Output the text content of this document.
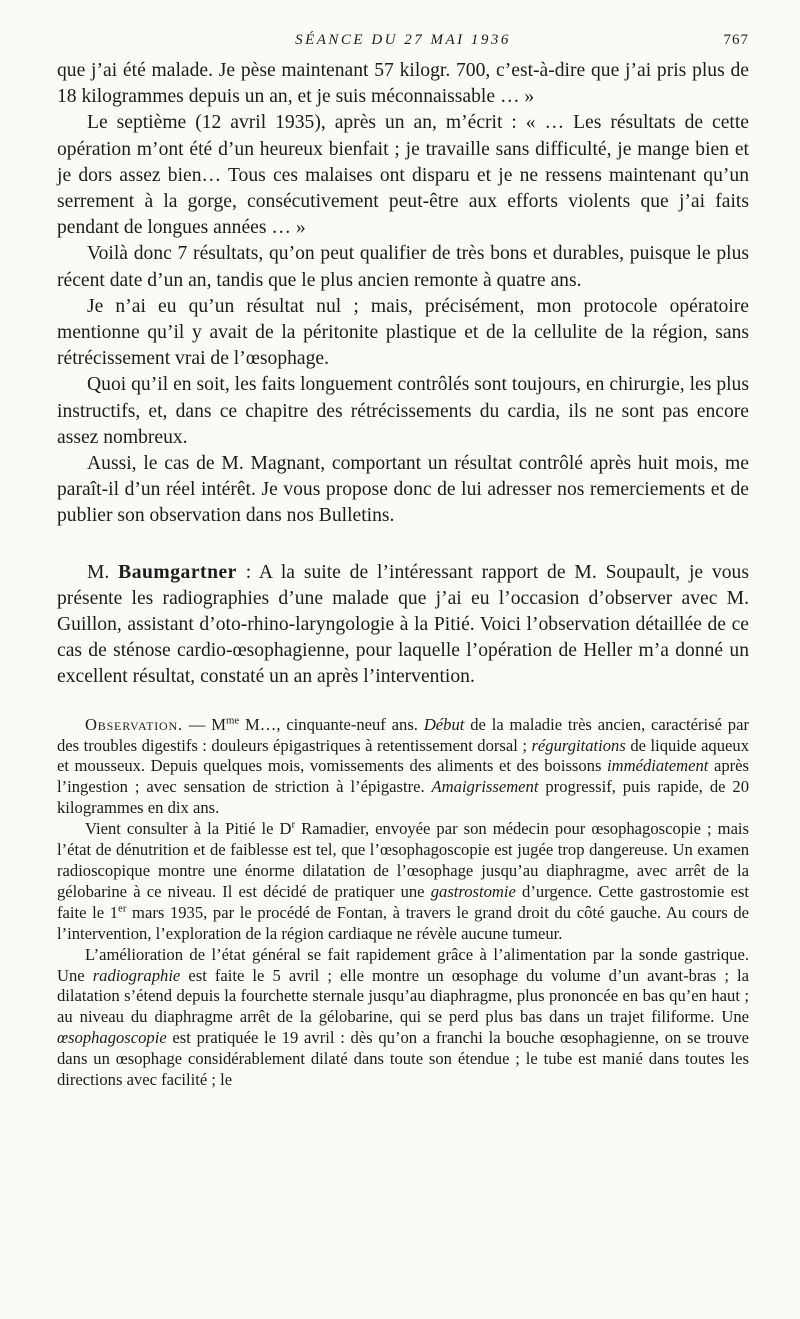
SÉANCE DU 27 MAI 1936	767

que j’ai été malade. Je pèse maintenant 57 kilogr. 700, c’est-à-dire que j’ai pris plus de 18 kilogrammes depuis un an, et je suis méconnaissable … »

Le septième (12 avril 1935), après un an, m’écrit : « … Les résultats de cette opération m’ont été d’un heureux bienfait ; je travaille sans difficulté, je mange bien et je dors assez bien… Tous ces malaises ont disparu et je ne ressens maintenant qu’un serrement à la gorge, consécutivement peut-être aux efforts violents que j’ai faits pendant de longues années … »

Voilà donc 7 résultats, qu’on peut qualifier de très bons et durables, puisque le plus récent date d’un an, tandis que le plus ancien remonte à quatre ans.

Je n’ai eu qu’un résultat nul ; mais, précisément, mon protocole opératoire mentionne qu’il y avait de la péritonite plastique et de la cellulite de la région, sans rétrécissement vrai de l’œsophage.

Quoi qu’il en soit, les faits longuement contrôlés sont toujours, en chirurgie, les plus instructifs, et, dans ce chapitre des rétrécissements du cardia, ils ne sont pas encore assez nombreux.

Aussi, le cas de M. Magnant, comportant un résultat contrôlé après huit mois, me paraît-il d’un réel intérêt. Je vous propose donc de lui adresser nos remerciements et de publier son observation dans nos Bulletins.

M. Baumgartner : A la suite de l’intéressant rapport de M. Soupault, je vous présente les radiographies d’une malade que j’ai eu l’occasion d’observer avec M. Guillon, assistant d’oto-rhino-laryngologie à la Pitié. Voici l’observation détaillée de ce cas de sténose cardio-œsophagienne, pour laquelle l’opération de Heller m’a donné un excellent résultat, constaté un an après l’intervention.

Observation. — $M^{me}$ M…, cinquante-neuf ans. Début de la maladie très ancien, caractérisé par des troubles digestifs : douleurs épigastriques à retentissement dorsal ; régurgitations de liquide aqueux et mousseux. Depuis quelques mois, vomissements des aliments et des boissons immédiatement après l’ingestion ; avec sensation de striction à l’épigastre. Amaigrissement progressif, puis rapide, de 20 kilogrammes en dix ans.

Vient consulter à la Pitié le $D^r$ Ramadier, envoyée par son médecin pour œsophagoscopie ; mais l’état de dénutrition et de faiblesse est tel, que l’œsophagoscopie est jugée trop dangereuse. Un examen radioscopique montre une énorme dilatation de l’œsophage jusqu’au diaphragme, avec arrêt de la gélobarine à ce niveau. Il est décidé de pratiquer une gastrostomie d’urgence. Cette gastrostomie est faite le 1er mars 1935, par le procédé de Fontan, à travers le grand droit du côté gauche. Au cours de l’intervention, l’exploration de la région cardiaque ne révèle aucune tumeur.

L’amélioration de l’état général se fait rapidement grâce à l’alimentation par la sonde gastrique. Une radiographie est faite le 5 avril ; elle montre un œsophage du volume d’un avant-bras ; la dilatation s’étend depuis la fourchette sternale jusqu’au diaphragme, plus prononcée en bas qu’en haut ; au niveau du diaphragme arrêt de la gélobarine, qui se perd plus bas dans un trajet filiforme. Une œsophagoscopie est pratiquée le 19 avril : dès qu’on a franchi la bouche œsophagienne, on se trouve dans un œsophage considérablement dilaté dans toute son étendue ; le tube est manié dans toutes les directions avec facilité ; le
